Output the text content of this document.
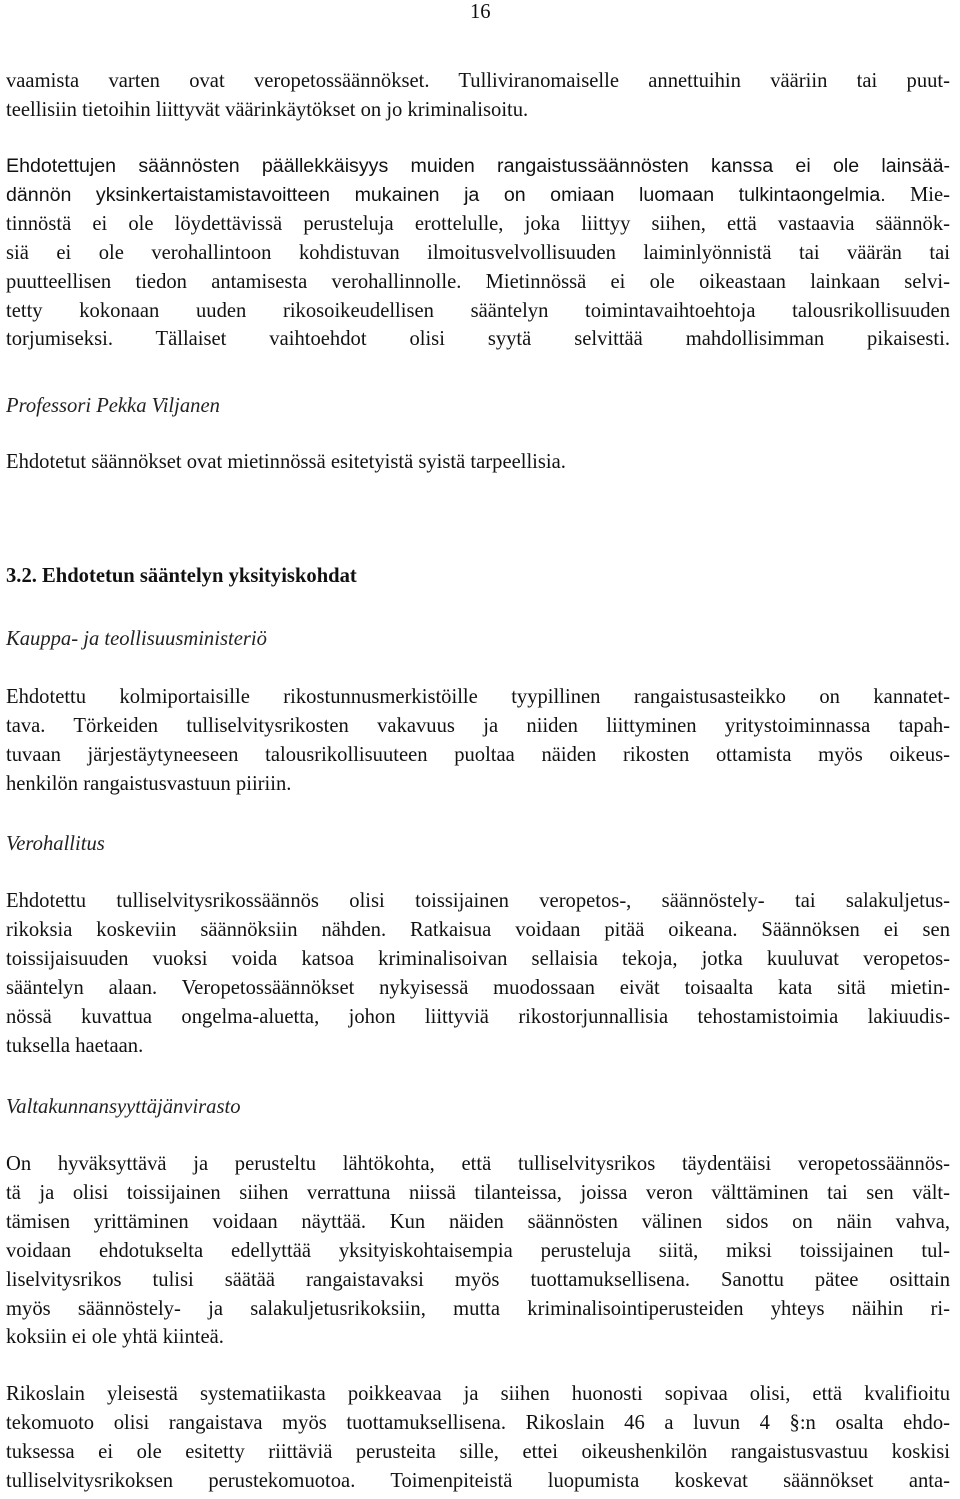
16
vaamista varten ovat veropetossäännökset. Tulliviranomaiselle annettuihin vääriin tai puut-
teellisiin tietoihin liittyvät väärinkäytökset on jo kriminalisoitu.
Ehdotettujen säännösten päällekkäisyys muiden rangaistussäännösten kanssa ei ole lainsää-
dännön yksinkertaistamistavoitteen mukainen ja on omiaan luomaan tulkintaongelmia. Mie-
tinnöstä ei ole löydettävissä perusteluja erottelulle, joka liittyy siihen, että vastaavia säännök-
siä ei ole verohallintoon kohdistuvan ilmoitusvelvollisuuden laiminlyönnistä tai väärän tai
puutteellisen tiedon antamisesta verohallinnolle. Mietinnössä ei ole oikeastaan lainkaan selvi-
tetty kokonaan uuden rikosoikeudellisen sääntelyn toimintavaihtoehtoja talousrikollisuuden
torjumiseksi. Tällaiset vaihtoehdot olisi syytä selvittää mahdollisimman pikaisesti.
Professori Pekka Viljanen
Ehdotetut säännökset ovat mietinnössä esitetyistä syistä tarpeellisia.
3.2. Ehdotetun sääntelyn yksityiskohdat
Kauppa- ja teollisuusministeriö
Ehdotettu kolmiportaisille rikostunnusmerkistöille tyypillinen rangaistusasteikko on kannatet-
tava. Törkeiden tulliselvitysrikosten vakavuus ja niiden liittyminen yritystoiminnassa tapah-
tuvaan järjestäytyneeseen talousrikollisuuteen puoltaa näiden rikosten ottamista myös oikeus-
henkilön rangaistusvastuun piiriin.
Verohallitus
Ehdotettu tulliselvitysrikossäännös olisi toissijainen veropetos-, säännöstely- tai salakuljetus-
rikoksia koskeviin säännöksiin nähden. Ratkaisua voidaan pitää oikeana. Säännöksen ei sen
toissijaisuuden vuoksi voida katsoa kriminalisoivan sellaisia tekoja, jotka kuuluvat veropetos-
sääntelyn alaan. Veropetossäännökset nykyisessä muodossaan eivät toisaalta kata sitä mietin-
nössä kuvattua ongelma-aluetta, johon liittyviä rikostorjunnallisia tehostamistoimia lakiuudis-
tuksella haetaan.
Valtakunnansyyttäjänvirasto
On hyväksyttävä ja perusteltu lähtökohta, että tulliselvitysrikos täydentäisi veropetossäännös-
tä ja olisi toissijainen siihen verrattuna niissä tilanteissa, joissa veron välttäminen tai sen vält-
tämisen yrittäminen voidaan näyttää. Kun näiden säännösten välinen sidos on näin vahva,
voidaan ehdotukselta edellyttää yksityiskohtaisempia perusteluja siitä, miksi toissijainen tul-
liselvitysrikos tulisi säätää rangaistavaksi myös tuottamuksellisena. Sanottu pätee osittain
myös säännöstely- ja salakuljetusrikoksiin, mutta kriminalisointiperusteiden yhteys näihin ri-
koksiin ei ole yhtä kiinteä.
Rikoslain yleisestä systematiikasta poikkeavaa ja siihen huonosti sopivaa olisi, että kvalifioitu
tekomuoto olisi rangaistava myös tuottamuksellisena. Rikoslain 46 a luvun 4 §:n osalta ehdo-
tuksessa ei ole esitetty riittäviä perusteita sille, ettei oikeushenkilön rangaistusvastuu koskisi
tulliselvitysrikoksen perustekomuotoa. Toimenpiteistä luopumista koskevat säännökset anta-
